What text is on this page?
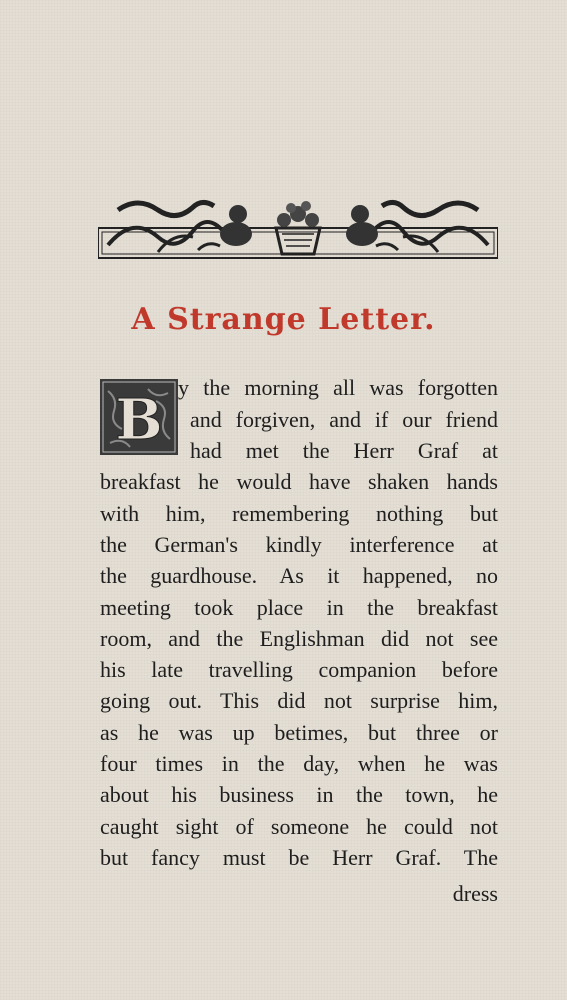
A Strange Letter.
B y the morning all was forgotten
and forgiven, and if our friend
had met the Herr Graf at
breakfast he would have shaken hands
with him, remembering nothing but
the German's kindly interference at
the guardhouse. As it happened, no
meeting took place in the breakfast
room, and the Englishman did not see
his late travelling companion before
going out. This did not surprise him,
as he was up betimes, but three or
four times in the day, when he was
about his business in the town, he
caught sight of someone he could not
but fancy must be Herr Graf. The
dress
